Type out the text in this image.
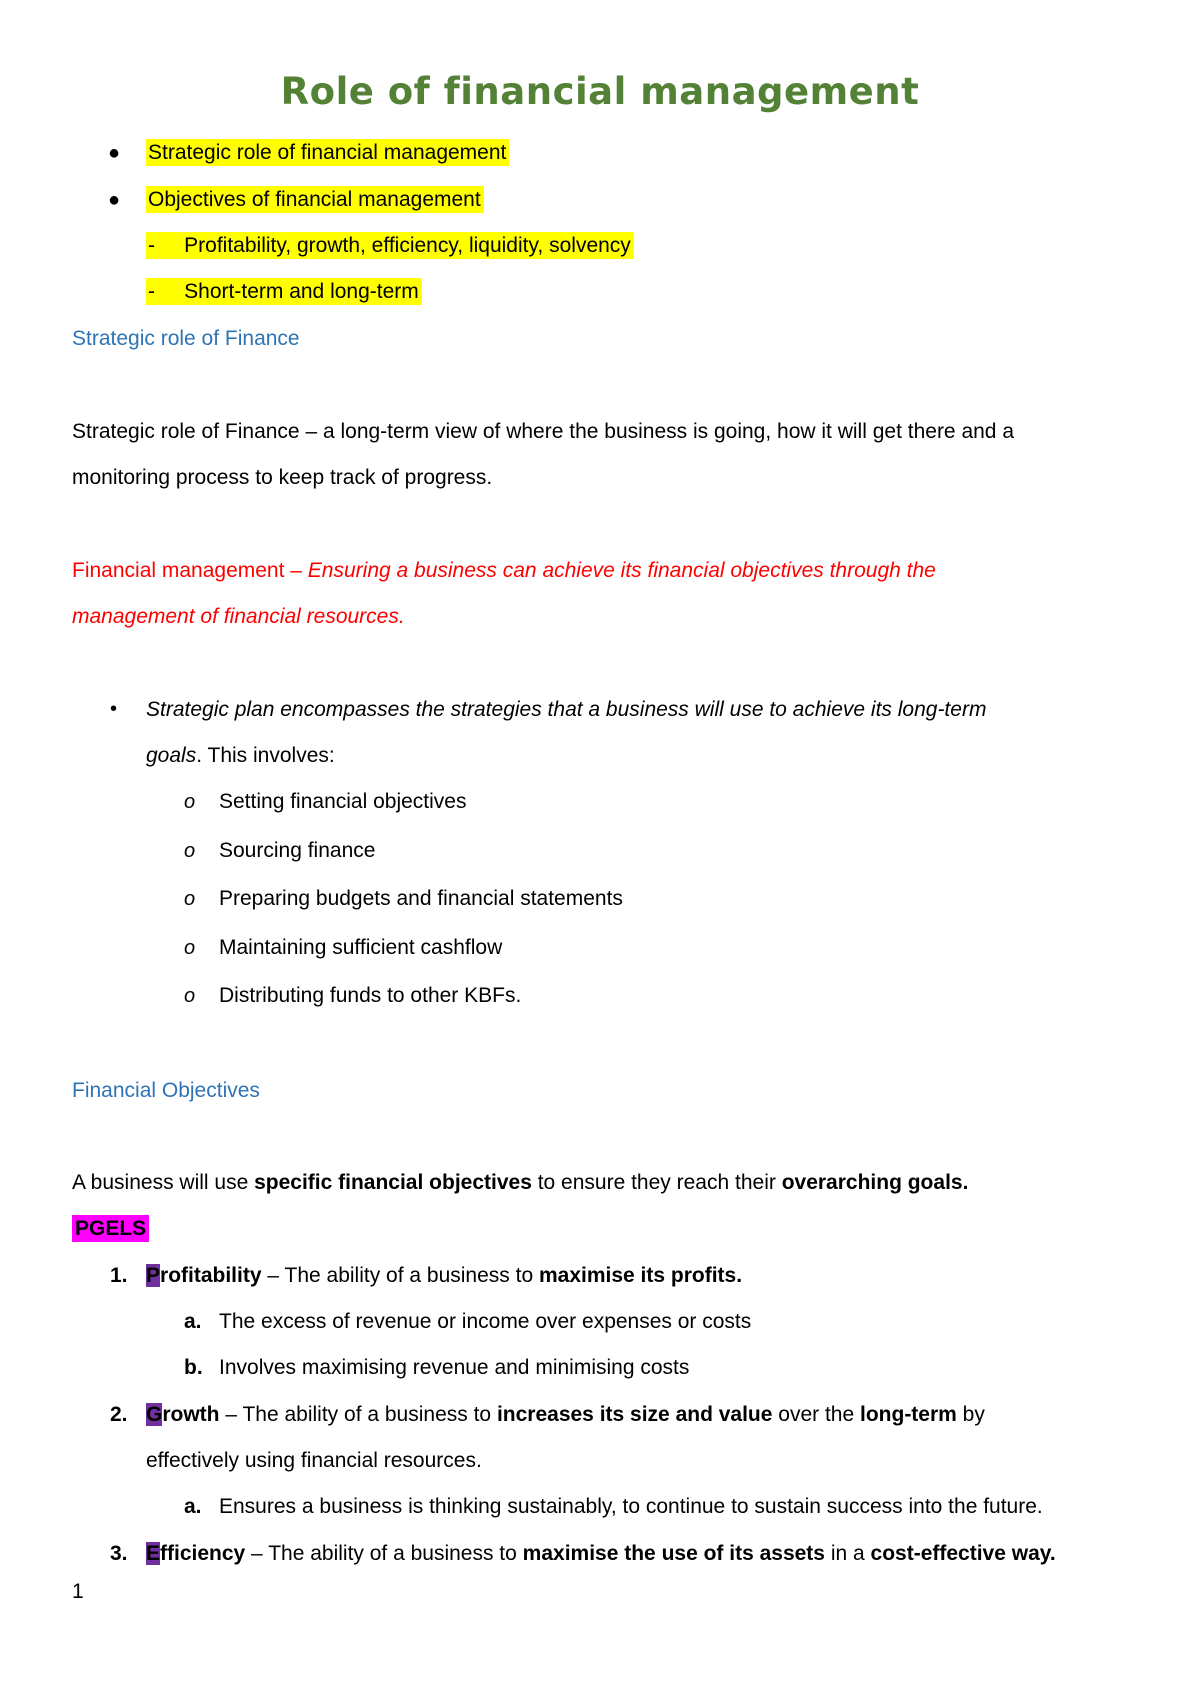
Role of financial management
● Strategic role of financial management
● Objectives of financial management
-     Profitability, growth, efficiency, liquidity, solvency
-     Short-term and long-term
Strategic role of Finance
Strategic role of Finance – a long-term view of where the business is going, how it will get there and a
monitoring process to keep track of progress.
Financial management – Ensuring a business can achieve its financial objectives through the
management of financial resources.
• Strategic plan encompasses the strategies that a business will use to achieve its long-term
goals. This involves:
o Setting financial objectives
o Sourcing finance
o Preparing budgets and financial statements
o Maintaining sufficient cashflow
o Distributing funds to other KBFs.
Financial Objectives
A business will use specific financial objectives to ensure they reach their overarching goals.
PGELS
1. Profitability – The ability of a business to maximise its profits.
a. The excess of revenue or income over expenses or costs
b. Involves maximising revenue and minimising costs
2. Growth – The ability of a business to increases its size and value over the long-term by
effectively using financial resources.
a. Ensures a business is thinking sustainably, to continue to sustain success into the future.
3. Efficiency – The ability of a business to maximise the use of its assets in a cost-effective way.
1
